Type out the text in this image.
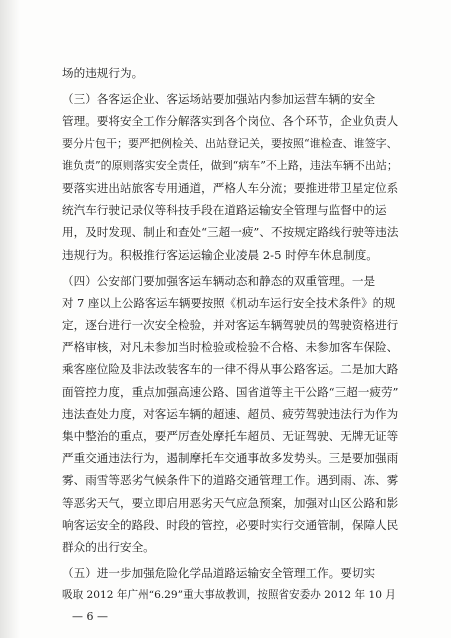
场的违规行为。
（三）各客运企业、客运场站要加强站内参加运营车辆的安全
管理。要将安全工作分解落实到各个岗位、各个环节，企业负责人
要分片包干；要严把例检关、出站登记关，要按照“谁检查、谁签字、
谁负责”的原则落实安全责任，做到“病车”不上路，违法车辆不出站；
要落实进出站旅客专用通道，严格人车分流；要推进带卫星定位系
统汽车行驶记录仪等科技手段在道路运输安全管理与监督中的运
用，及时发现、制止和查处“三超一疲”、不按规定路线行驶等违法
违规行为。积极推行客运运输企业凌晨 2-5 时停车休息制度。
（四）公安部门要加强客运车辆动态和静态的双重管理。一是
对 7 座以上公路客运车辆要按照《机动车运行安全技术条件》的规
定，逐台进行一次安全检验，并对客运车辆驾驶员的驾驶资格进行
严格审核，对凡未参加当时检验或检验不合格、未参加客车保险、
乘客座位险及非法改装客车的一律不得从事公路客运。二是加大路
面管控力度，重点加强高速公路、国省道等主干公路“三超一疲劳”
违法查处力度，对客运车辆的超速、超员、疲劳驾驶违法行为作为
集中整治的重点，要严厉查处摩托车超员、无证驾驶、无牌无证等
严重交通违法行为，遏制摩托车交通事故多发势头。三是要加强雨
雾、雨雪等恶劣气候条件下的道路交通管理工作。遇到雨、冻、雾
等恶劣天气，要立即启用恶劣天气应急预案，加强对山区公路和影
响客运安全的路段、时段的管控，必要时实行交通管制，保障人民
群众的出行安全。
（五）进一步加强危险化学品道路运输安全管理工作。要切实
吸取 2012 年广州“6.29”重大事故教训，按照省安委办 2012 年 10 月
— 6 —
